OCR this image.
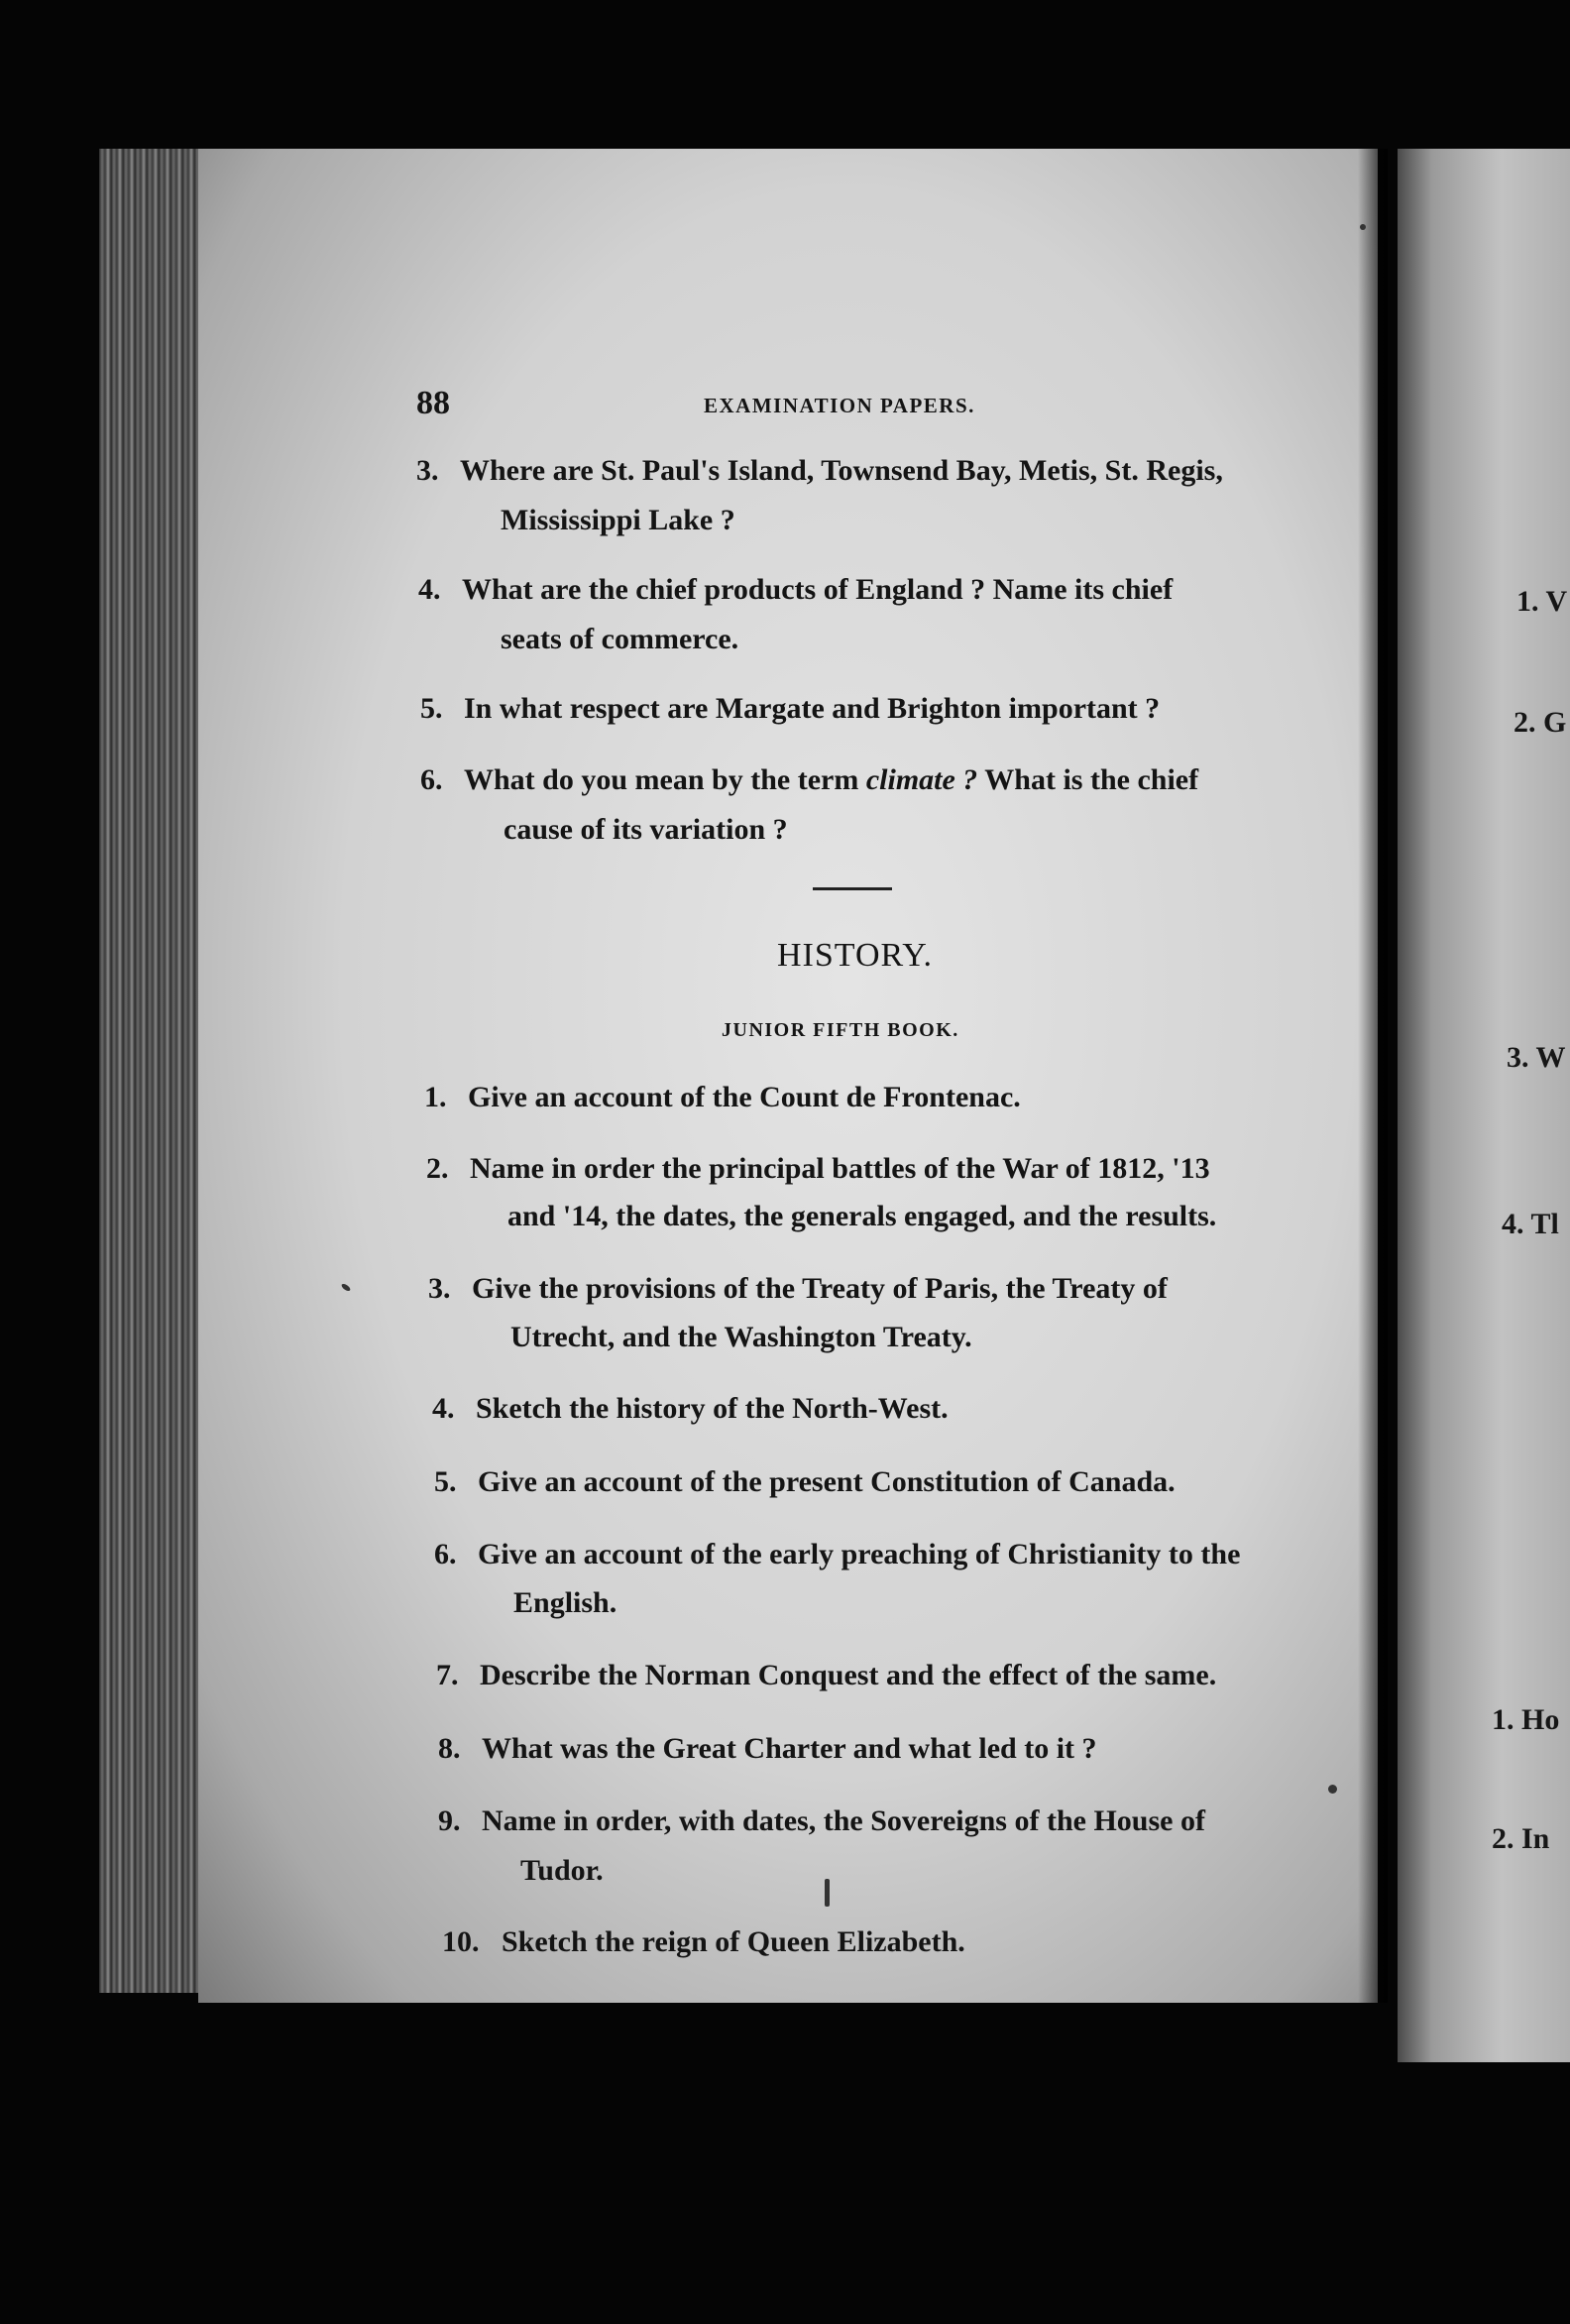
88	EXAMINATION PAPERS.
3. Where are St. Paul's Island, Townsend Bay, Metis, St. Regis,
Mississippi Lake ?
4. What are the chief products of England ? Name its chief
seats of commerce.
5. In what respect are Margate and Brighton important ?
6. What do you mean by the term climate ? What is the chief
cause of its variation ?
HISTORY.
JUNIOR FIFTH BOOK.
1. Give an account of the Count de Frontenac.
2. Name in order the principal battles of the War of 1812, '13
and '14, the dates, the generals engaged, and the results.
3. Give the provisions of the Treaty of Paris, the Treaty of
Utrecht, and the Washington Treaty.
4. Sketch the history of the North-West.
5. Give an account of the present Constitution of Canada.
6. Give an account of the early preaching of Christianity to the
English.
7. Describe the Norman Conquest and the effect of the same.
8. What was the Great Charter and what led to it ?
9. Name in order, with dates, the Sovereigns of the House of
Tudor.
10. Sketch the reign of Queen Elizabeth.
1. V
2. G
3. W
4. Tl
1. Ho
2. In
